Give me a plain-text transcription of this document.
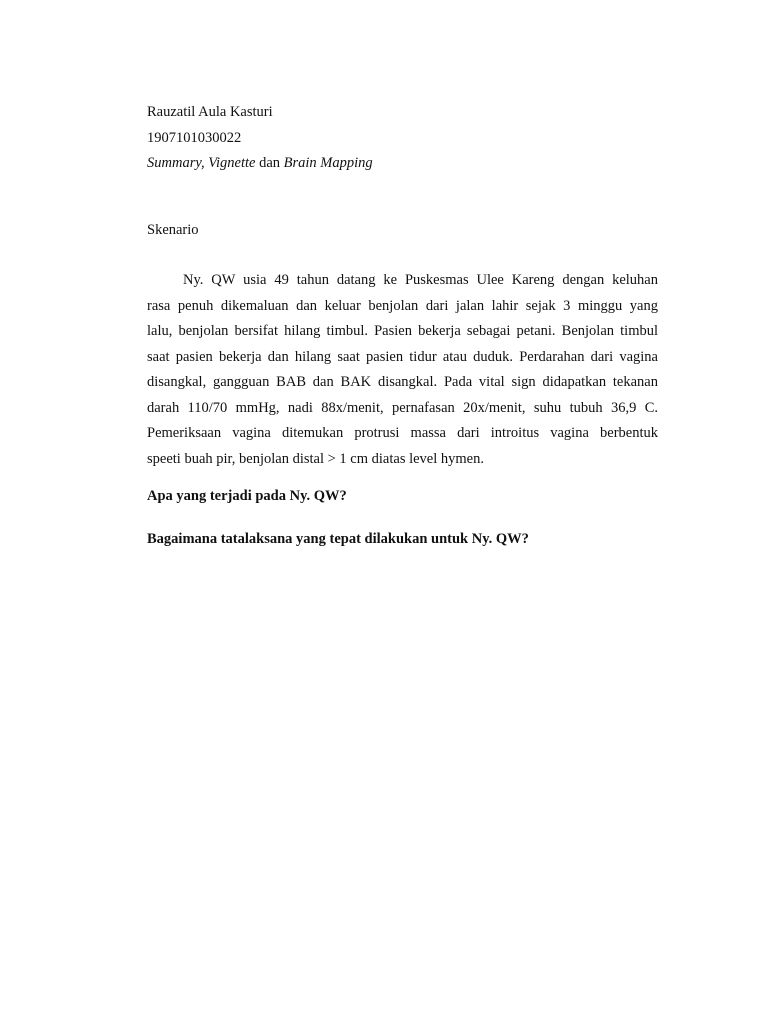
Rauzatil Aula Kasturi
1907101030022
Summary, Vignette dan Brain Mapping
Skenario
Ny. QW usia 49 tahun datang ke Puskesmas Ulee Kareng dengan keluhan
rasa penuh dikemaluan dan keluar benjolan dari jalan lahir sejak 3 minggu yang
lalu, benjolan bersifat hilang timbul. Pasien bekerja sebagai petani. Benjolan timbul
saat pasien bekerja dan hilang saat pasien tidur atau duduk. Perdarahan dari vagina
disangkal, gangguan BAB dan BAK disangkal. Pada vital sign didapatkan tekanan
darah 110/70 mmHg, nadi 88x/menit, pernafasan 20x/menit, suhu tubuh 36,9 C.
Pemeriksaan vagina ditemukan protrusi massa dari introitus vagina berbentuk
speeti buah pir, benjolan distal > 1 cm diatas level hymen.
Apa yang terjadi pada Ny. QW?
Bagaimana tatalaksana yang tepat dilakukan untuk Ny. QW?
